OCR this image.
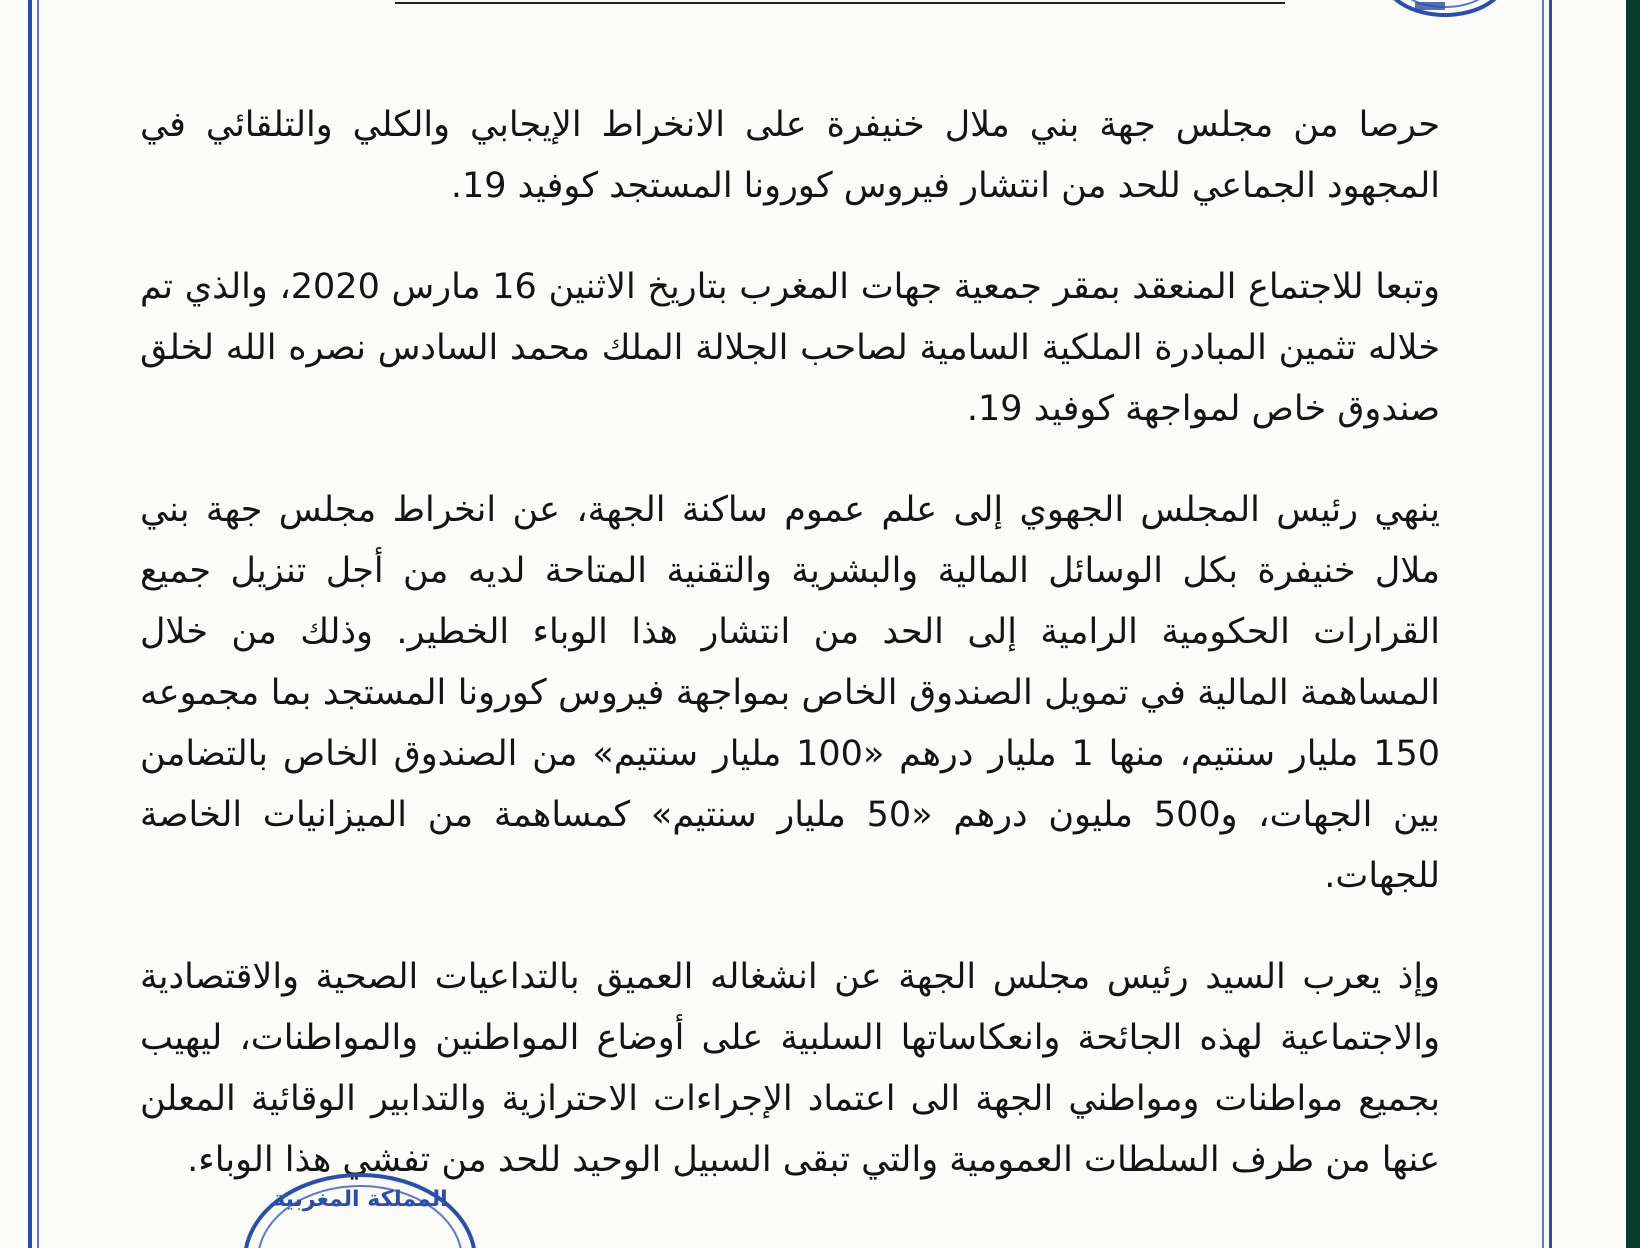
حرصا من مجلس جهة بني ملال خنيفرة على الانخراط الإيجابي والكلي والتلقائي في المجهود الجماعي للحد من انتشار فيروس كورونا المستجد كوفيد 19.

وتبعا للاجتماع المنعقد بمقر جمعية جهات المغرب بتاريخ الاثنين 16 مارس 2020، والذي تم خلاله تثمين المبادرة الملكية السامية لصاحب الجلالة الملك محمد السادس نصره الله لخلق صندوق خاص لمواجهة كوفيد 19.

ينهي رئيس المجلس الجهوي إلى علم عموم ساكنة الجهة، عن انخراط مجلس جهة بني ملال خنيفرة بكل الوسائل المالية والبشرية والتقنية المتاحة لديه من أجل تنزيل جميع القرارات الحكومية الرامية إلى الحد من انتشار هذا الوباء الخطير. وذلك من خلال المساهمة المالية في تمويل الصندوق الخاص بمواجهة فيروس كورونا المستجد بما مجموعه 150 مليار سنتيم، منها 1 مليار درهم «100 مليار سنتيم» من الصندوق الخاص بالتضامن بين الجهات، و500 مليون درهم «50 مليار سنتيم» كمساهمة من الميزانيات الخاصة للجهات.

وإذ يعرب السيد رئيس مجلس الجهة عن انشغاله العميق بالتداعيات الصحية والاقتصادية والاجتماعية لهذه الجائحة وانعكاساتها السلبية على أوضاع المواطنين والمواطنات، ليهيب بجميع مواطنات ومواطني الجهة الى اعتماد الإجراءات الاحترازية والتدابير الوقائية المعلن عنها من طرف السلطات العمومية والتي تبقى السبيل الوحيد للحد من تفشي هذا الوباء.

المملكة المغربية
